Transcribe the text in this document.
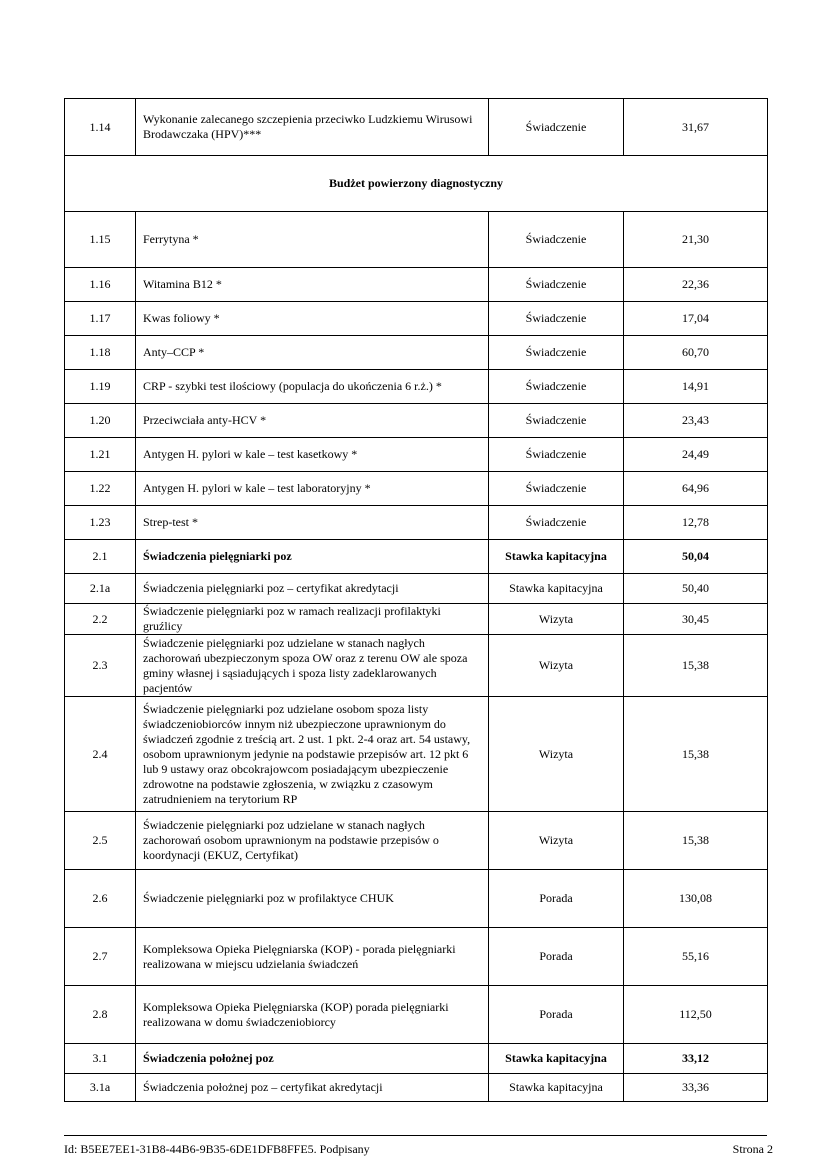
1.14	Wykonanie zalecanego szczepienia przeciwko Ludzkiemu Wirusowi Brodawczaka (HPV)***	Świadczenie	31,67
Budżet powierzony diagnostyczny			
1.15	Ferrytyna *	Świadczenie	21,30
1.16	Witamina B12 *	Świadczenie	22,36
1.17	Kwas foliowy *	Świadczenie	17,04
1.18	Anty–CCP *	Świadczenie	60,70
1.19	CRP - szybki test ilościowy (populacja do ukończenia 6 r.ż.) *	Świadczenie	14,91
1.20	Przeciwciała anty-HCV *	Świadczenie	23,43
1.21	Antygen H. pylori w kale – test kasetkowy *	Świadczenie	24,49
1.22	Antygen H. pylori w kale – test laboratoryjny *	Świadczenie	64,96
1.23	Strep-test *	Świadczenie	12,78
2.1	Świadczenia pielęgniarki poz	Stawka kapitacyjna	50,04
2.1a	Świadczenia pielęgniarki poz – certyfikat akredytacji	Stawka kapitacyjna	50,40
2.2	Świadczenie pielęgniarki poz w ramach realizacji profilaktyki gruźlicy	Wizyta	30,45
2.3	Świadczenie pielęgniarki poz udzielane w stanach nagłych zachorowań ubezpieczonym spoza OW oraz z terenu OW ale spoza gminy własnej i sąsiadujących i spoza listy zadeklarowanych pacjentów	Wizyta	15,38
2.4	Świadczenie pielęgniarki poz udzielane osobom spoza listy świadczeniobiorców innym niż ubezpieczone uprawnionym do świadczeń zgodnie z treścią art. 2 ust. 1 pkt. 2-4 oraz art. 54 ustawy, osobom uprawnionym jedynie na podstawie przepisów art. 12 pkt 6 lub 9 ustawy oraz obcokrajowcom posiadającym ubezpieczenie zdrowotne na podstawie zgłoszenia, w związku z czasowym zatrudnieniem na terytorium RP	Wizyta	15,38
2.5	Świadczenie pielęgniarki poz udzielane w stanach nagłych zachorowań osobom uprawnionym na podstawie przepisów o koordynacji (EKUZ, Certyfikat)	Wizyta	15,38
2.6	Świadczenie pielęgniarki poz w profilaktyce CHUK	Porada	130,08
2.7	Kompleksowa Opieka Pielęgniarska (KOP) - porada pielęgniarki realizowana w miejscu udzielania świadczeń	Porada	55,16
2.8	Kompleksowa Opieka Pielęgniarska (KOP) porada pielęgniarki realizowana w domu świadczeniobiorcy	Porada	112,50
3.1	Świadczenia położnej poz	Stawka kapitacyjna	33,12
3.1a	Świadczenia położnej poz – certyfikat akredytacji	Stawka kapitacyjna	33,36
Id: B5EE7EE1-31B8-44B6-9B35-6DE1DFB8FFE5. Podpisany	Strona 2
